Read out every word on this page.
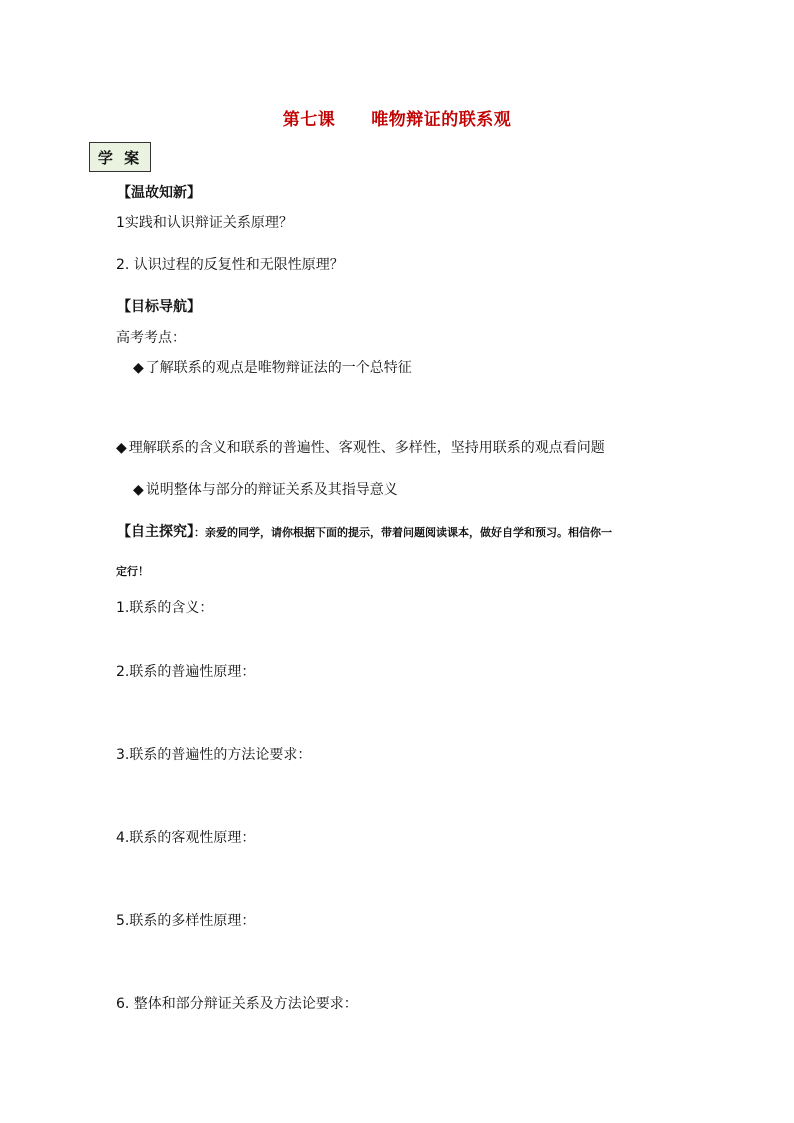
第七课 唯物辩证的联系观
学 案
【温故知新】
1实践和认识辩证关系原理？
2. 认识过程的反复性和无限性原理？
【目标导航】
高考考点：
◆ 了解联系的观点是唯物辩证法的一个总特征
◆ 理解联系的含义和联系的普遍性、客观性、多样性，坚持用联系的观点看问题
◆ 说明整体与部分的辩证关系及其指导意义
【自主探究】：亲爱的同学，请你根据下面的提示，带着问题阅读课本，做好自学和预习。相信你一
定行！
1.联系的含义：
2.联系的普遍性原理：
3.联系的普遍性的方法论要求：
4.联系的客观性原理：
5.联系的多样性原理：
6. 整体和部分辩证关系及方法论要求：
